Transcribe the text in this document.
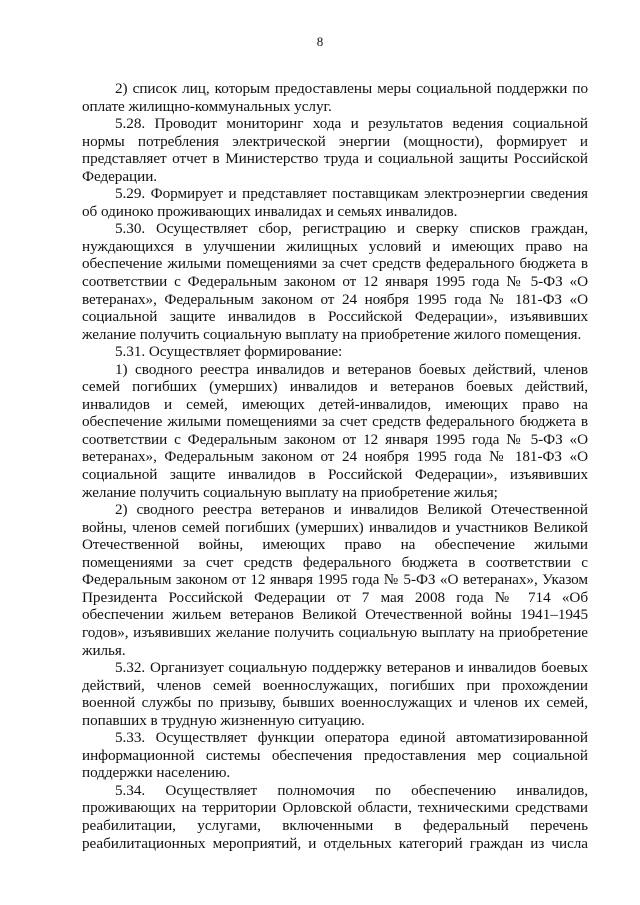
8

2) список лиц, которым предоставлены меры социальной поддержки по оплате жилищно-коммунальных услуг.

5.28. Проводит мониторинг хода и результатов ведения социальной нормы потребления электрической энергии (мощности), формирует и представляет отчет в Министерство труда и социальной защиты Российской Федерации.

5.29. Формирует и представляет поставщикам электроэнергии сведения об одиноко проживающих инвалидах и семьях инвалидов.

5.30. Осуществляет сбор, регистрацию и сверку списков граждан, нуждающихся в улучшении жилищных условий и имеющих право на обеспечение жилыми помещениями за счет средств федерального бюджета в соответствии с Федеральным законом от 12 января 1995 года № 5-ФЗ «О ветеранах», Федеральным законом от 24 ноября 1995 года № 181-ФЗ «О социальной защите инвалидов в Российской Федерации», изъявивших желание получить социальную выплату на приобретение жилого помещения.

5.31. Осуществляет формирование:

1) сводного реестра инвалидов и ветеранов боевых действий, членов семей погибших (умерших) инвалидов и ветеранов боевых действий, инвалидов и семей, имеющих детей-инвалидов, имеющих право на обеспечение жилыми помещениями за счет средств федерального бюджета в соответствии с Федеральным законом от 12 января 1995 года № 5-ФЗ «О ветеранах», Федеральным законом от 24 ноября 1995 года № 181-ФЗ «О социальной защите инвалидов в Российской Федерации», изъявивших желание получить социальную выплату на приобретение жилья;

2) сводного реестра ветеранов и инвалидов Великой Отечественной войны, членов семей погибших (умерших) инвалидов и участников Великой Отечественной войны, имеющих право на обеспечение жилыми помещениями за счет средств федерального бюджета в соответствии с Федеральным законом от 12 января 1995 года № 5-ФЗ «О ветеранах», Указом Президента Российской Федерации от 7 мая 2008 года № 714 «Об обеспечении жильем ветеранов Великой Отечественной войны 1941–1945 годов», изъявивших желание получить социальную выплату на приобретение жилья.

5.32. Организует социальную поддержку ветеранов и инвалидов боевых действий, членов семей военнослужащих, погибших при прохождении военной службы по призыву, бывших военнослужащих и членов их семей, попавших в трудную жизненную ситуацию.

5.33. Осуществляет функции оператора единой автоматизированной информационной системы обеспечения предоставления мер социальной поддержки населению.

5.34. Осуществляет полномочия по обеспечению инвалидов, проживающих на территории Орловской области, техническими средствами реабилитации, услугами, включенными в федеральный перечень реабилитационных мероприятий, и отдельных категорий граждан из числа
